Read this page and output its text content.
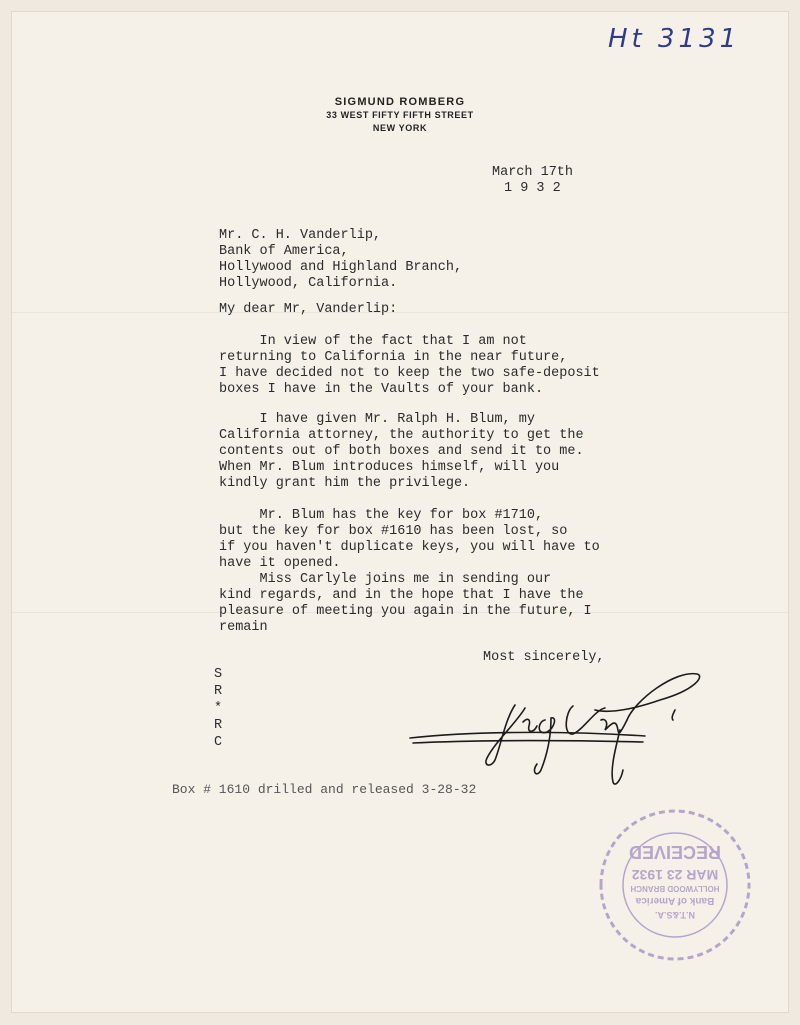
Ht 3131
SIGMUND ROMBERG
33 WEST FIFTY FIFTH STREET
NEW YORK
March 17th
1 9 3 2
Mr. C. H. Vanderlip,
Bank of America,
Hollywood and Highland Branch,
Hollywood, California.
My dear Mr, Vanderlip:
In view of the fact that I am not
returning to California in the near future,
I have decided not to keep the two safe-deposit
boxes I have in the Vaults of your bank.
I have given Mr. Ralph H. Blum, my
California attorney, the authority to get the
contents out of both boxes and send it to me.
When Mr. Blum introduces himself, will you
kindly grant him the privilege.
Mr. Blum has the key for box #1710,
but the key for box #1610 has been lost, so
if you haven't duplicate keys, you will have to
have it opened.
Miss Carlyle joins me in sending our
kind regards, and in the hope that I have the
pleasure of meeting you again in the future, I
remain
Most sincerely,
S
R
*
R
C
Box # 1610 drilled and released 3-28-32
N.T.&S.A.
Bank of America
HOLLYWOOD BRANCH
MAR 23 1932
RECEIVED
